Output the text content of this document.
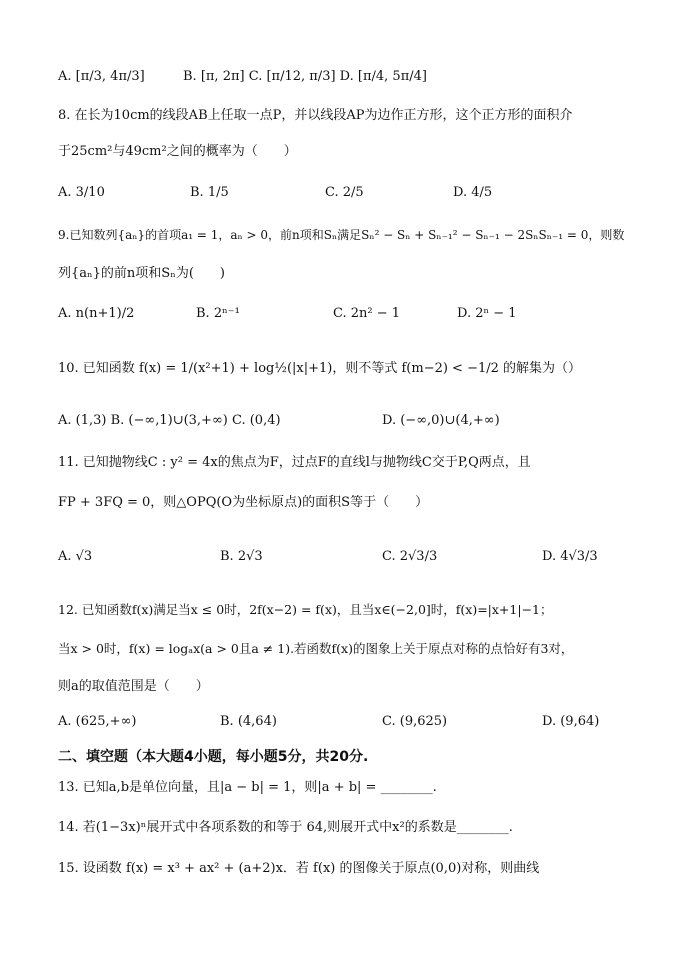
A. [π/3, 4π/3]	B. [π, 2π] C. [π/12, π/3] D. [π/4, 5π/4]
8. 在长为10cm的线段AB上任取一点P，并以线段AP为边作正方形，这个正方形的面积介
于25cm²与49cm²之间的概率为（　　）
A. 3/10	B. 1/5	C. 2/5	D. 4/5
9.已知数列{aₙ}的首项a₁ = 1，aₙ > 0，前n项和Sₙ满足Sₙ² − Sₙ + Sₙ₋₁² − Sₙ₋₁ − 2SₙSₙ₋₁ = 0，则数
列{aₙ}的前n项和Sₙ为(　　)
A. n(n+1)/2	B. 2ⁿ⁻¹	C. 2n² − 1	D. 2ⁿ − 1
10. 已知函数 f(x) = 1/(x²+1) + log½(|x|+1)，则不等式 f(m−2) < −1/2 的解集为（）
A. (1,3) B. (−∞,1)∪(3,+∞) C. (0,4)	D. (−∞,0)∪(4,+∞)
11. 已知抛物线C : y² = 4x的焦点为F，过点F的直线l与抛物线C交于P,Q两点，且
FP + 3FQ = 0，则△OPQ(O为坐标原点)的面积S等于（　　）
A. √3	B. 2√3	C. 2√3/3	D. 4√3/3
12. 已知函数f(x)满足当x ≤ 0时，2f(x−2) = f(x)，且当x∈(−2,0]时，f(x)=|x+1|−1；
当x > 0时，f(x) = logₐx(a > 0且a ≠ 1).若函数f(x)的图象上关于原点对称的点恰好有3对，
则a的取值范围是（　　）
A. (625,+∞)	B. (4,64)	C. (9,625)	D. (9,64)
二、填空题（本大题4小题，每小题5分，共20分.
13. 已知a,b是单位向量，且|a − b| = 1，则|a + b| = ________.
14. 若(1−3x)ⁿ展开式中各项系数的和等于 64,则展开式中x²的系数是________.
15. 设函数 f(x) = x³ + ax² + (a+2)x．若 f(x) 的图像关于原点(0,0)对称，则曲线
